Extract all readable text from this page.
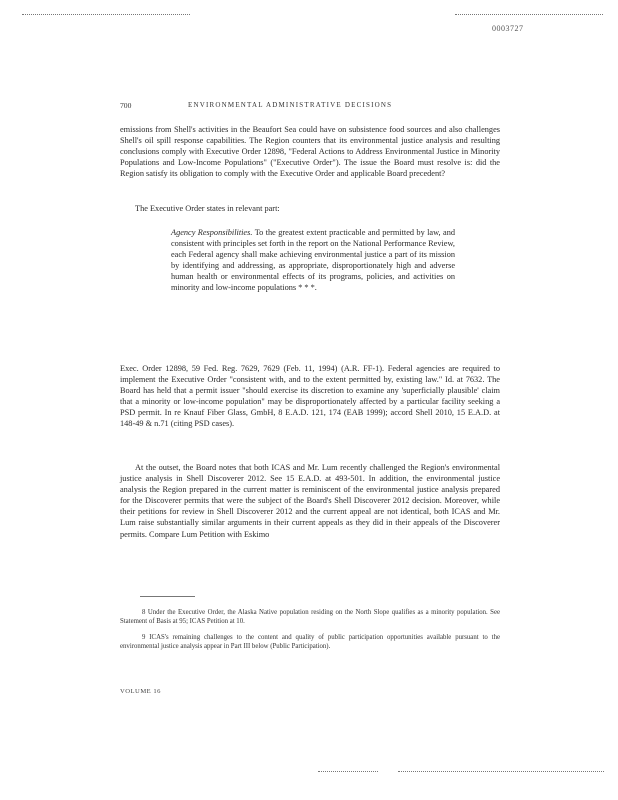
0003727
700	ENVIRONMENTAL ADMINISTRATIVE DECISIONS

emissions from Shell's activities in the Beaufort Sea could have on subsistence food sources and also challenges Shell's oil spill response capabilities. The Region counters that its environmental justice analysis and resulting conclusions comply with Executive Order 12898, "Federal Actions to Address Environmental Justice in Minority Populations and Low-Income Populations" ("Executive Order"). The issue the Board must resolve is: did the Region satisfy its obligation to comply with the Executive Order and applicable Board precedent?

The Executive Order states in relevant part:

Agency Responsibilities. To the greatest extent practicable and permitted by law, and consistent with principles set forth in the report on the National Performance Review, each Federal agency shall make achieving environmental justice a part of its mission by identifying and addressing, as appropriate, disproportionately high and adverse human health or environmental effects of its programs, policies, and activities on minority and low-income populations * * *.

Exec. Order 12898, 59 Fed. Reg. 7629, 7629 (Feb. 11, 1994) (A.R. FF-1). Federal agencies are required to implement the Executive Order "consistent with, and to the extent permitted by, existing law." Id. at 7632. The Board has held that a permit issuer "should exercise its discretion to examine any 'superficially plausible' claim that a minority or low-income population" may be disproportionately affected by a particular facility seeking a PSD permit. In re Knauf Fiber Glass, GmbH, 8 E.A.D. 121, 174 (EAB 1999); accord Shell 2010, 15 E.A.D. at 148-49 & n.71 (citing PSD cases).

At the outset, the Board notes that both ICAS and Mr. Lum recently challenged the Region's environmental justice analysis in Shell Discoverer 2012. See 15 E.A.D. at 493-501. In addition, the environmental justice analysis the Region prepared in the current matter is reminiscent of the environmental justice analysis prepared for the Discoverer permits that were the subject of the Board's Shell Discoverer 2012 decision. Moreover, while their petitions for review in Shell Discoverer 2012 and the current appeal are not identical, both ICAS and Mr. Lum raise substantially similar arguments in their current appeals as they did in their appeals of the Discoverer permits. Compare Lum Petition with Eskimo

8 Under the Executive Order, the Alaska Native population residing on the North Slope qualifies as a minority population. See Statement of Basis at 95; ICAS Petition at 10.

9 ICAS's remaining challenges to the content and quality of public participation opportunities available pursuant to the environmental justice analysis appear in Part III below (Public Participation).

VOLUME 16
